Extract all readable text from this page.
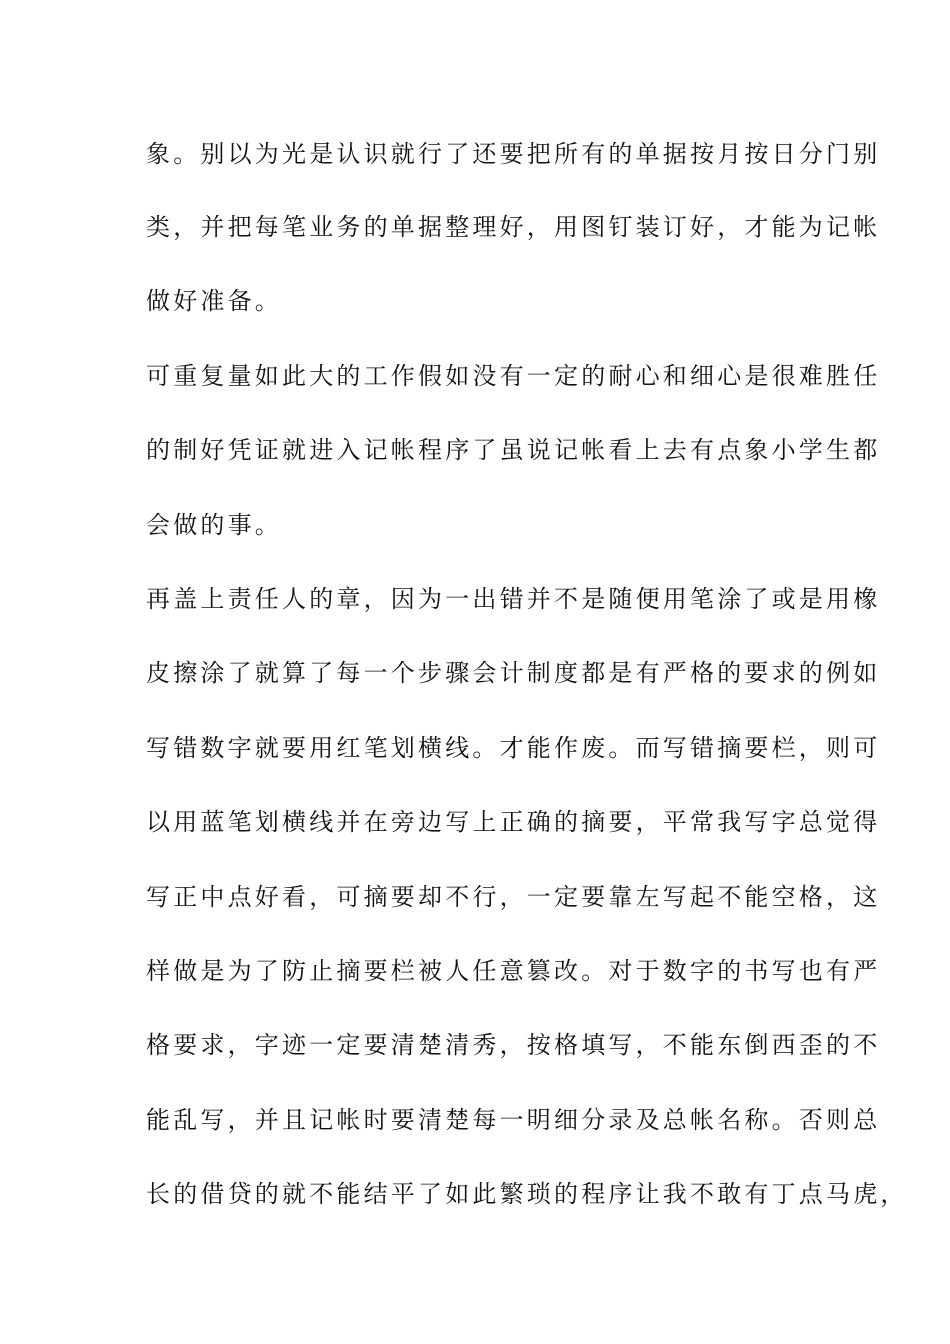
象。别以为光是认识就行了还要把所有的单据按月按日分门别
类，并把每笔业务的单据整理好，用图钉装订好，才能为记帐
做好准备。
可重复量如此大的工作假如没有一定的耐心和细心是很难胜任
的制好凭证就进入记帐程序了虽说记帐看上去有点象小学生都
会做的事。
再盖上责任人的章，因为一出错并不是随便用笔涂了或是用橡
皮擦涂了就算了每一个步骤会计制度都是有严格的要求的例如
写错数字就要用红笔划横线。才能作废。而写错摘要栏，则可
以用蓝笔划横线并在旁边写上正确的摘要，平常我写字总觉得
写正中点好看，可摘要却不行，一定要靠左写起不能空格，这
样做是为了防止摘要栏被人任意篡改。对于数字的书写也有严
格要求，字迹一定要清楚清秀，按格填写，不能东倒西歪的不
能乱写，并且记帐时要清楚每一明细分录及总帐名称。否则总
长的借贷的就不能结平了如此繁琐的程序让我不敢有丁点马虎，
